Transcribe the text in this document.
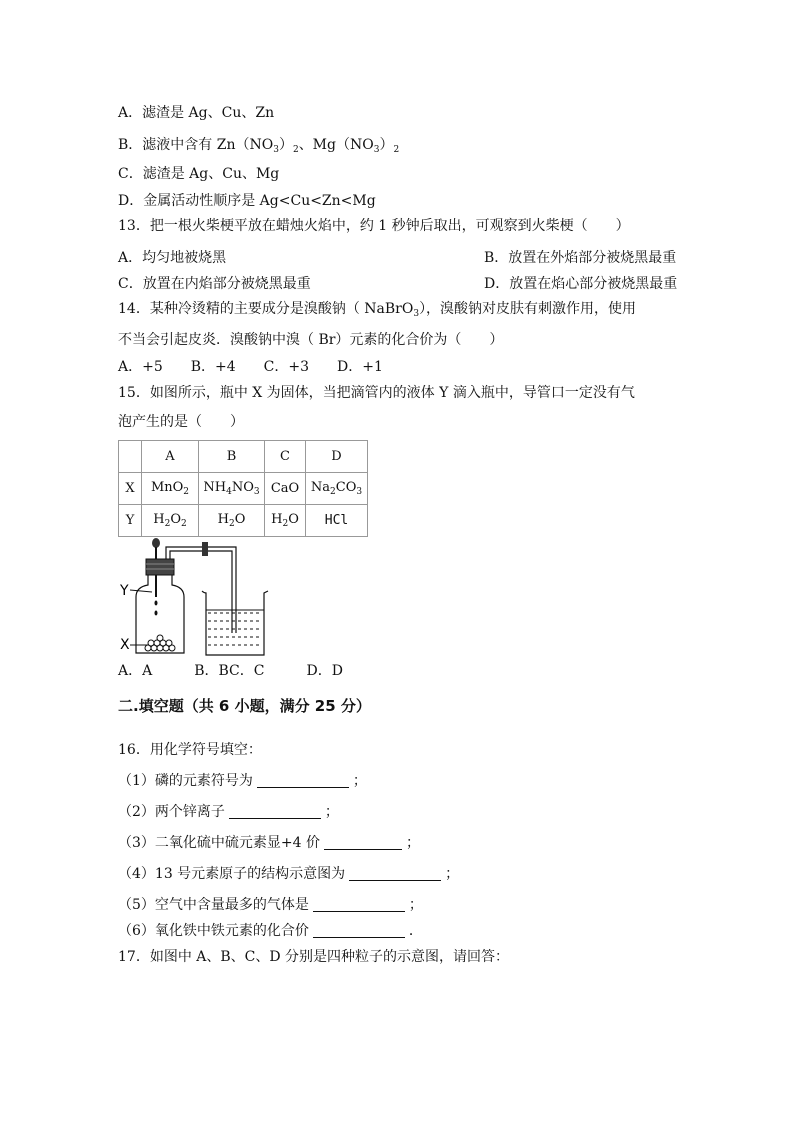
A．滤渣是 Ag、Cu、Zn
B．滤液中含有 $Zn(NO_3)_2$、$Mg(NO_3)_2$
C．滤渣是 Ag、Cu、Mg
D．金属活动性顺序是 Ag<Cu<Zn<Mg
13．把一根火柴梗平放在蜡烛火焰中，约 1 秒钟后取出，可观察到火柴梗（　　）
A．均匀地被烧黑	B．放置在外焰部分被烧黑最重
C．放置在内焰部分被烧黑最重	D．放置在焰心部分被烧黑最重
14．某种冷烫精的主要成分是溴酸钠（ NaBrO$_3$），溴酸钠对皮肤有刺激作用，使用
不当会引起皮炎．溴酸钠中溴（ Br）元素的化合价为（　　）
A．+5　　B．+4　　C．+3　　D．+1
15．如图所示，瓶中 X 为固体，当把滴管内的液体 Y 滴入瓶中，导管口一定没有气
泡产生的是（　　）
	A	B	C	D
X	MnO$_2$	$NH_4NO_3$	CaO	$Na_2CO_3$
Y	$H_2O_2$	$H_2O$	$H_2O$	HCl
Y
X
A．A　　　B．BC．C　　　D．D
二.填空题（共 6 小题，满分 25 分）
16．用化学符号填空：
（1）磷的元素符号为	；
（2）两个锌离子	；
（3）二氧化硫中硫元素显+4 价	；
（4）13 号元素原子的结构示意图为	；
（5）空气中含量最多的气体是	；
（6）氧化铁中铁元素的化合价	．
17．如图中 A、B、C、D 分别是四种粒子的示意图，请回答：
